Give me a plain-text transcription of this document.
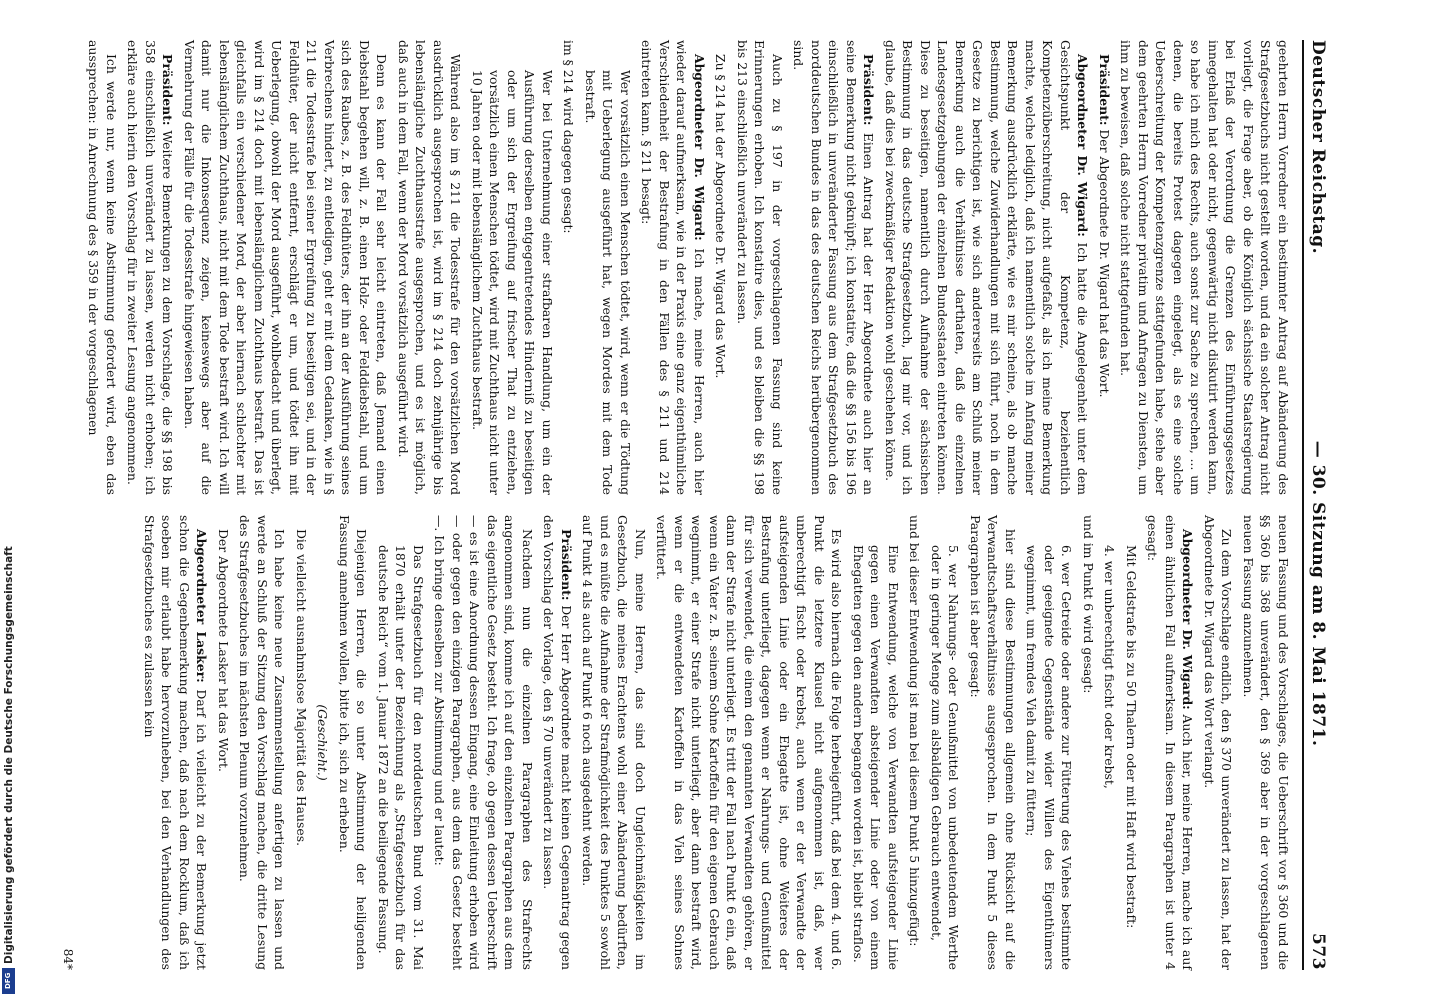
Deutscher Reichstag.
— 30. Sitzung am 8. Mai 1871.
573

geehrten Herrn Vorredner ein bestimmter Antrag auf Abänderung des Strafgesetzbuchs nicht gestellt worden, und da ein solcher Antrag nicht vorliegt, die Frage aber, ob die Königlich sächsische Staatsregierung bei Erlaß der Verordnung die Grenzen des Einführungsgesetzes innegehalten hat oder nicht, gegenwärtig nicht diskutirt werden kann, so habe ich mich des Rechts, auch sonst zur Sache zu sprechen, ... um denen, die bereits Protest dagegen eingelegt, als es eine solche Ueberschreitung der Kompetenzgrenze stattgefunden habe, stehe aber dem geehrten Herrn Vorredner privatim und Anfragen zu Diensten, um ihm zu beweisen, daß solche nicht stattgefunden hat.

Präsident: Der Abgeordnete Dr. Wigard hat das Wort.

Abgeordneter Dr. Wigard: Ich hatte die Angelegenheit unter dem Gesichtspunkt der Kompetenz, beziehentlich Kompetenzüberschreitung, nicht aufgefaßt, als ich meine Bemerkung machte, welche lediglich, daß ich namentlich solche im Anfang meiner Bemerkung ausdrücklich erklärte, wie es mir scheine, als ob manche Bestimmung, welche Zuwiderhandlungen mit sich führt, noch in dem Gesetze zu berichtigen ist, wie sich andererseits am Schluß meiner Bemerkung auch die Verhältnisse darthaten, daß die einzelnen Landesgesetzgebungen der einzelnen Bundesstaaten eintreten können. Diese zu beseitigen, namentlich durch Aufnahme der sächsischen Bestimmung in das deutsche Strafgesetzbuch, lag mir vor, und ich glaube, daß dies bei zweckmäßiger Redaktion wohl geschehen könne.

Präsident: Einen Antrag hat der Herr Abgeordnete auch hier an seine Bemerkung nicht geknüpft; ich konstatire, daß die §§ 156 bis 196 einschließlich in unveränderter Fassung aus dem Strafgesetzbuch des norddeutschen Bundes in das des deutschen Reichs herübergenommen sind.

Auch zu § 197 in der vorgeschlagenen Fassung sind keine Erinnerungen erhoben. Ich konstatire dies, und es bleiben die §§ 198 bis 213 einschließlich unverändert zu lassen.

Zu § 214 hat der Abgeordnete Dr. Wigard das Wort.

Abgeordneter Dr. Wigard: Ich mache, meine Herren, auch hier wieder darauf aufmerksam, wie in der Praxis eine ganz eigenthümliche Verschiedenheit der Bestrafung in den Fällen des § 211 und 214 eintreten kann. § 211 besagt:

Wer vorsätzlich einen Menschen tödtet, wird, wenn er die Tödtung mit Ueberlegung ausgeführt hat, wegen Mordes mit dem Tode bestraft.

im § 214 wird dagegen gesagt:

Wer bei Unternehmung einer strafbaren Handlung, um ein der Ausführung derselben entgegentretendes Hinderniß zu beseitigen oder um sich der Ergreifung auf frischer That zu entziehen, vorsätzlich einen Menschen tödtet, wird mit Zuchthaus nicht unter 10 Jahren oder mit lebenslänglichem Zuchthaus bestraft.

Während also im § 211 die Todesstrafe für den vorsätzlichen Mord ausdrücklich ausgesprochen ist, wird im § 214 doch zehnjährige bis lebenslängliche Zuchthausstrafe ausgesprochen, und es ist möglich, daß auch in dem Fall, wenn der Mord vorsätzlich ausgeführt wird.

Denn es kann der Fall sehr leicht eintreten, daß Jemand einen Diebstahl begehen will, z. B. einen Holz- oder Felddiebstahl, und um sich des Raubes, z. B. des Feldhüters, der ihn an der Ausführung seines Verbrechens hindert, zu entledigen, geht er mit dem Gedanken, wie in § 211 die Todesstrafe bei seiner Ergreifung zu beseitigen sei, und in der Feldhüter, der nicht entfernt, erschlägt er um, und tödtet ihn mit Ueberlegung, obwohl der Mord ausgeführt, wohlbedacht und überlegt, wird im § 214 doch mit lebenslänglichem Zuchthaus bestraft. Das ist gleichfalls ein verschiedener Mord, der aber hiernach schlechter mit lebenslänglichem Zuchthaus, nicht mit dem Tode bestraft wird. Ich will damit nur die Inkonsequenz zeigen, keineswegs aber auf die Vermehrung der Fälle für die Todesstrafe hingewiesen haben.

Präsident: Weitere Bemerkungen zu dem Vorschlage, die §§ 198 bis 358 einschließlich unverändert zu lassen, werden nicht erhoben; ich erkläre auch hierin den Vorschlag für in zweiter Lesung angenommen.

Ich werde nur, wenn keine Abstimmung gefordert wird, eben das aussprechen: in Anrechnung des § 359 in der vorgeschlagenen

neuen Fassung und des Vorschlages, die Ueberschrift vor § 360 und die §§ 360 bis 368 unverändert, den § 369 aber in der vorgeschlagenen neuen Fassung anzunehmen.

Zu dem Vorschlage endlich, den § 370 unverändert zu lassen, hat der Abgeordnete Dr. Wigard das Wort verlangt.

Abgeordneter Dr. Wigard: Auch hier, meine Herren, mache ich auf einen ähnlichen Fall aufmerksam. In diesem Paragraphen ist unter 4 gesagt:

Mit Geldstrafe bis zu 50 Thalern oder mit Haft wird bestraft:

4. wer unberechtigt fischt oder krebst,

und im Punkt 6 wird gesagt:

6. wer Getreide oder andere zur Fütterung des Viehes bestimmte oder geeignete Gegenstände wider Willen des Eigenthümers wegnimmt, um fremdes Vieh damit zu füttern;

hier sind diese Bestimmungen allgemein ohne Rücksicht auf die Verwandtschaftsverhältnisse ausgesprochen. In dem Punkt 5 dieses Paragraphen ist aber gesagt:

5. wer Nahrungs- oder Genußmittel von unbedeutendem Werthe oder in geringer Menge zum alsbaldigen Gebrauch entwendet,

und bei dieser Entwendung ist man bei diesem Punkt 5 hinzugefügt:

Eine Entwendung, welche von Verwandten aufsteigender Linie gegen einen Verwandten absteigender Linie oder von einem Ehegatten gegen den andern begangen worden ist, bleibt straflos.

Es wird also hiernach die Folge herbeigeführt, daß bei dem 4. und 6. Punkt die letztere Klausel nicht aufgenommen ist, daß, wer unberechtigt fischt oder krebst, auch wenn er der Verwandte der aufsteigenden Linie oder ein Ehegatte ist, ohne Weiteres der Bestrafung unterliegt, dagegen wenn er Nahrungs- und Genußmittel für sich verwendet, die einem den genannten Verwandten gehören, er dann der Strafe nicht unterliegt. Es tritt der Fall nach Punkt 6 ein, daß wenn ein Vater z. B. seinem Sohne Kartoffeln für den eigenen Gebrauch wegnimmt, er einer Strafe nicht unterliegt, aber dann bestraft wird, wenn er die entwendeten Kartoffeln in das Vieh seines Sohnes verfüttert.

Nun, meine Herren, das sind doch Ungleichmäßigkeiten im Gesetzbuch, die meines Erachtens wohl einer Abänderung bedürften, und es müßte die Aufnahme der Strafmöglichkeit des Punktes 5 sowohl auf Punkt 4 als auch auf Punkt 6 noch ausgedehnt werden.

Präsident: Der Herr Abgeordnete macht keinen Gegenantrag gegen den Vorschlag der Vorlage, den § 70 unverändert zu lassen.

Nachdem nun die einzelnen Paragraphen des Strafrechts angenommen sind, komme ich auf den einzelnen Paragraphen aus dem das eigentliche Gesetz besteht. Ich frage, ob gegen dessen Ueberschrift — es ist eine Anordnung dessen Eingang, eine Einleitung erhoben wird — oder gegen den einzigen Paragraphen, aus dem das Gesetz besteht —. Ich bringe denselben zur Abstimmung und er lautet:

Das Strafgesetzbuch für den norddeutschen Bund vom 31. Mai 1870 erhält unter der Bezeichnung als „Strafgesetzbuch für das deutsche Reich“ vom 1. Januar 1872 an die beiliegende Fassung.

Diejenigen Herren, die so unter Abstimmung der heiligenden Fassung annehmen wollen, bitte ich, sich zu erheben.

(Geschieht.)

Die vielleicht ausnahmslose Majorität des Hauses.

Ich habe keine neue Zusammenstellung anfertigen zu lassen und werde an Schluß der Sitzung den Vorschlag machen, die dritte Lesung des Strafgesetzbuches im nächsten Plenum vorzunehmen.

Der Abgeordnete Lasker hat das Wort.

Abgeordneter Lasker: Darf ich vielleicht zu der Bemerkung jetzt schon die Gegenbemerkung machen, daß nach dem Rocklum, daß ich soeben mir erlaubt habe hervorzuheben, bei den Verhandlungen des Strafgesetzbuches es zulassen kein

84*
Digitalisierung gefördert durch die Deutsche Forschungsgemeinschaft
DFG
